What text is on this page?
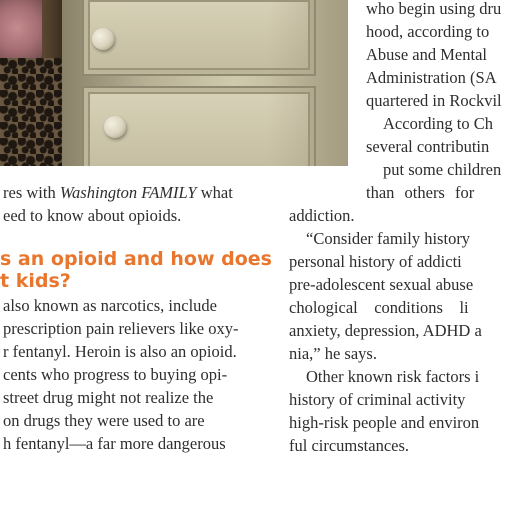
res with Washington FAMILY what
eed to know about opioids.
s an opioid and how does
t kids?
also known as narcotics, include
prescription pain relievers like oxy-
r fentanyl. Heroin is also an opioid.
cents who progress to buying opi-
street drug might not realize the
on drugs they were used to are
h fentanyl—a far more dangerous
who begin using dru
hood, according to
Abuse and Mental
Administration (SA
quartered in Rockvil
According to Ch
several contributin
put some children
than others for
addiction.
“Consider family history
personal history of addicti
pre-adolescent sexual abuse
chological    conditions    li
anxiety, depression, ADHD a
nia,” he says.
Other known risk factors i
history of criminal activity
high-risk people and environ
ful circumstances.
